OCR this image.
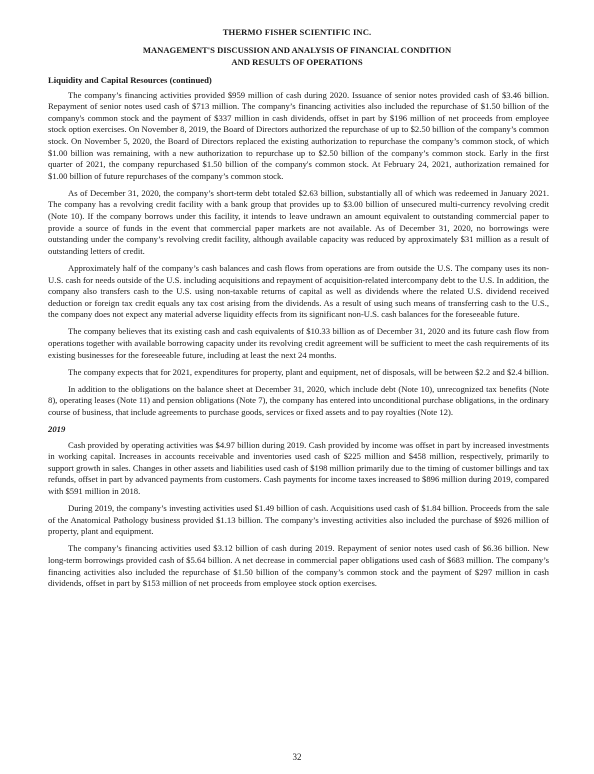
THERMO FISHER SCIENTIFIC INC.
MANAGEMENT'S DISCUSSION AND ANALYSIS OF FINANCIAL CONDITION
AND RESULTS OF OPERATIONS
Liquidity and Capital Resources (continued)

The company’s financing activities provided $959 million of cash during 2020. Issuance of senior notes provided cash of $3.46 billion. Repayment of senior notes used cash of $713 million. The company’s financing activities also included the repurchase of $1.50 billion of the company's common stock and the payment of $337 million in cash dividends, offset in part by $196 million of net proceeds from employee stock option exercises. On November 8, 2019, the Board of Directors authorized the repurchase of up to $2.50 billion of the company’s common stock. On November 5, 2020, the Board of Directors replaced the existing authorization to repurchase the company’s common stock, of which $1.00 billion was remaining, with a new authorization to repurchase up to $2.50 billion of the company’s common stock. Early in the first quarter of 2021, the company repurchased $1.50 billion of the company's common stock. At February 24, 2021, authorization remained for $1.00 billion of future repurchases of the company’s common stock.

As of December 31, 2020, the company’s short-term debt totaled $2.63 billion, substantially all of which was redeemed in January 2021. The company has a revolving credit facility with a bank group that provides up to $3.00 billion of unsecured multi-currency revolving credit (Note 10). If the company borrows under this facility, it intends to leave undrawn an amount equivalent to outstanding commercial paper to provide a source of funds in the event that commercial paper markets are not available. As of December 31, 2020, no borrowings were outstanding under the company’s revolving credit facility, although available capacity was reduced by approximately $31 million as a result of outstanding letters of credit.

Approximately half of the company’s cash balances and cash flows from operations are from outside the U.S. The company uses its non-U.S. cash for needs outside of the U.S. including acquisitions and repayment of acquisition-related intercompany debt to the U.S. In addition, the company also transfers cash to the U.S. using non-taxable returns of capital as well as dividends where the related U.S. dividend received deduction or foreign tax credit equals any tax cost arising from the dividends. As a result of using such means of transferring cash to the U.S., the company does not expect any material adverse liquidity effects from its significant non-U.S. cash balances for the foreseeable future.

The company believes that its existing cash and cash equivalents of $10.33 billion as of December 31, 2020 and its future cash flow from operations together with available borrowing capacity under its revolving credit agreement will be sufficient to meet the cash requirements of its existing businesses for the foreseeable future, including at least the next 24 months.

The company expects that for 2021, expenditures for property, plant and equipment, net of disposals, will be between $2.2 and $2.4 billion.

In addition to the obligations on the balance sheet at December 31, 2020, which include debt (Note 10), unrecognized tax benefits (Note 8), operating leases (Note 11) and pension obligations (Note 7), the company has entered into unconditional purchase obligations, in the ordinary course of business, that include agreements to purchase goods, services or fixed assets and to pay royalties (Note 12).

2019

Cash provided by operating activities was $4.97 billion during 2019. Cash provided by income was offset in part by increased investments in working capital. Increases in accounts receivable and inventories used cash of $225 million and $458 million, respectively, primarily to support growth in sales. Changes in other assets and liabilities used cash of $198 million primarily due to the timing of customer billings and tax refunds, offset in part by advanced payments from customers. Cash payments for income taxes increased to $896 million during 2019, compared with $591 million in 2018.

During 2019, the company’s investing activities used $1.49 billion of cash. Acquisitions used cash of $1.84 billion. Proceeds from the sale of the Anatomical Pathology business provided $1.13 billion. The company’s investing activities also included the purchase of $926 million of property, plant and equipment.

The company’s financing activities used $3.12 billion of cash during 2019. Repayment of senior notes used cash of $6.36 billion. New long-term borrowings provided cash of $5.64 billion. A net decrease in commercial paper obligations used cash of $683 million. The company’s financing activities also included the repurchase of $1.50 billion of the company’s common stock and the payment of $297 million in cash dividends, offset in part by $153 million of net proceeds from employee stock option exercises.

32
